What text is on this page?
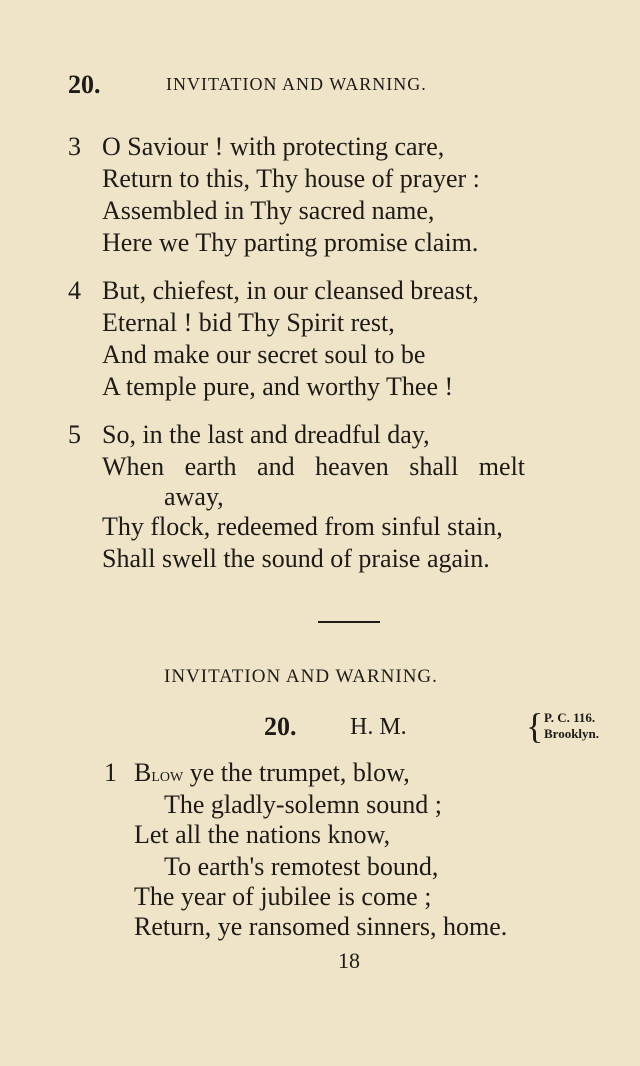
20.	INVITATION AND WARNING.
3 O Saviour ! with protecting care,
Return to this, Thy house of prayer :
Assembled in Thy sacred name,
Here we Thy parting promise claim.
4 But, chiefest, in our cleansed breast,
Eternal ! bid Thy Spirit rest,
And make our secret soul to be
A temple pure, and worthy Thee !
5 So, in the last and dreadful day,
When earth and heaven shall melt
away,
Thy flock, redeemed from sinful stain,
Shall swell the sound of praise again.
INVITATION AND WARNING.
20. H. M.	{ P. C. 116.
Brooklyn.
1 Blow ye the trumpet, blow,
The gladly-solemn sound ;
Let all the nations know,
To earth's remotest bound,
The year of jubilee is come ;
Return, ye ransomed sinners, home.
18
